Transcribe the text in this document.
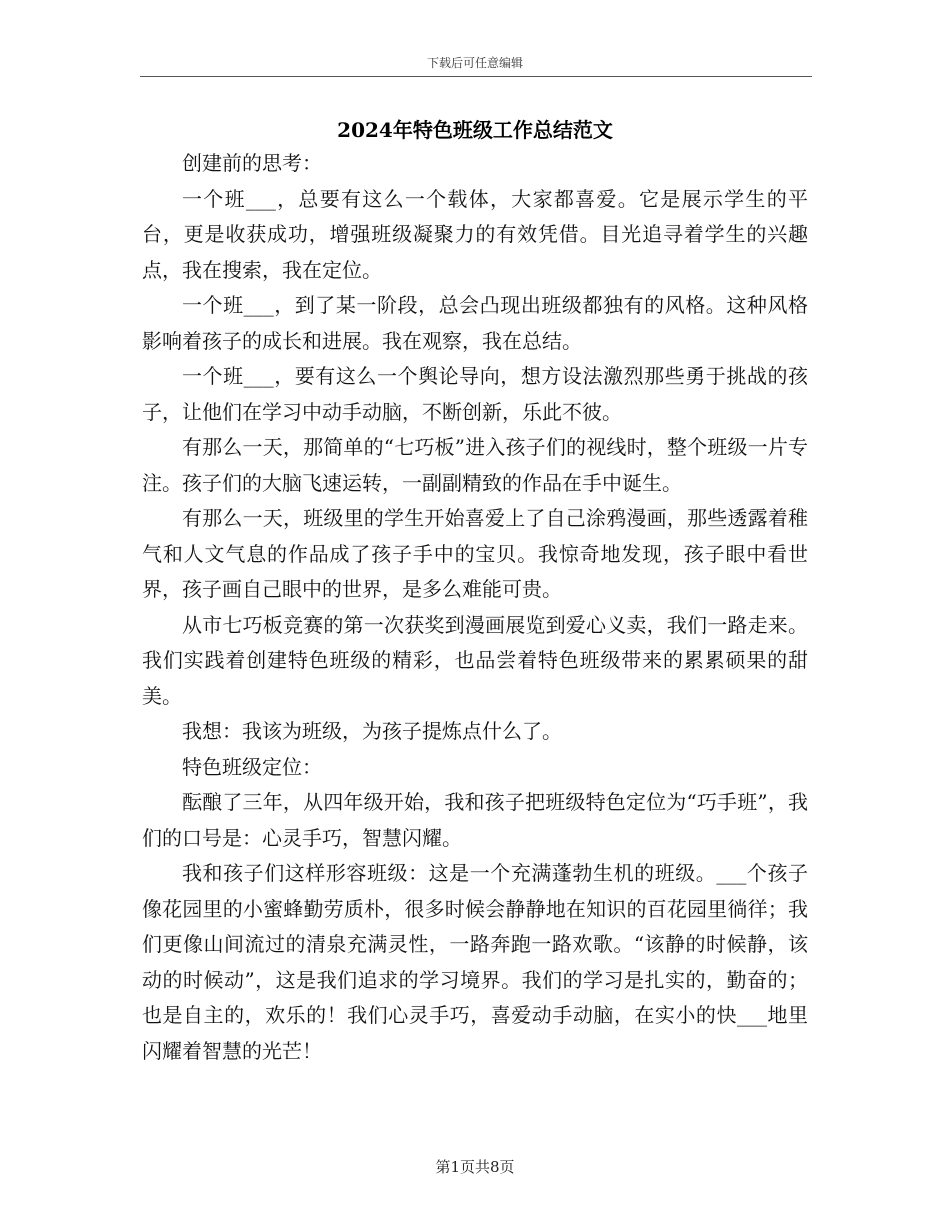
下载后可任意编辑
2024年特色班级工作总结范文

创建前的思考：

一个班___，总要有这么一个载体，大家都喜爱。它是展示学生的平台，更是收获成功，增强班级凝聚力的有效凭借。目光追寻着学生的兴趣点，我在搜索，我在定位。

一个班___，到了某一阶段，总会凸现出班级都独有的风格。这种风格影响着孩子的成长和进展。我在观察，我在总结。

一个班___，要有这么一个舆论导向，想方设法激烈那些勇于挑战的孩子，让他们在学习中动手动脑，不断创新，乐此不彼。

有那么一天，那简单的“七巧板”进入孩子们的视线时，整个班级一片专注。孩子们的大脑飞速运转，一副副精致的作品在手中诞生。

有那么一天，班级里的学生开始喜爱上了自己涂鸦漫画，那些透露着稚气和人文气息的作品成了孩子手中的宝贝。我惊奇地发现，孩子眼中看世界，孩子画自己眼中的世界，是多么难能可贵。

从市七巧板竞赛的第一次获奖到漫画展览到爱心义卖，我们一路走来。我们实践着创建特色班级的精彩，也品尝着特色班级带来的累累硕果的甜美。

我想：我该为班级，为孩子提炼点什么了。

特色班级定位：

酝酿了三年，从四年级开始，我和孩子把班级特色定位为“巧手班”，我们的口号是：心灵手巧，智慧闪耀。

我和孩子们这样形容班级：这是一个充满蓬勃生机的班级。___个孩子像花园里的小蜜蜂勤劳质朴，很多时候会静静地在知识的百花园里徜徉；我们更像山间流过的清泉充满灵性，一路奔跑一路欢歌。“该静的时候静，该动的时候动”，这是我们追求的学习境界。我们的学习是扎实的，勤奋的；也是自主的，欢乐的！我们心灵手巧，喜爱动手动脑，在实小的快___地里闪耀着智慧的光芒！

第1页共8页
